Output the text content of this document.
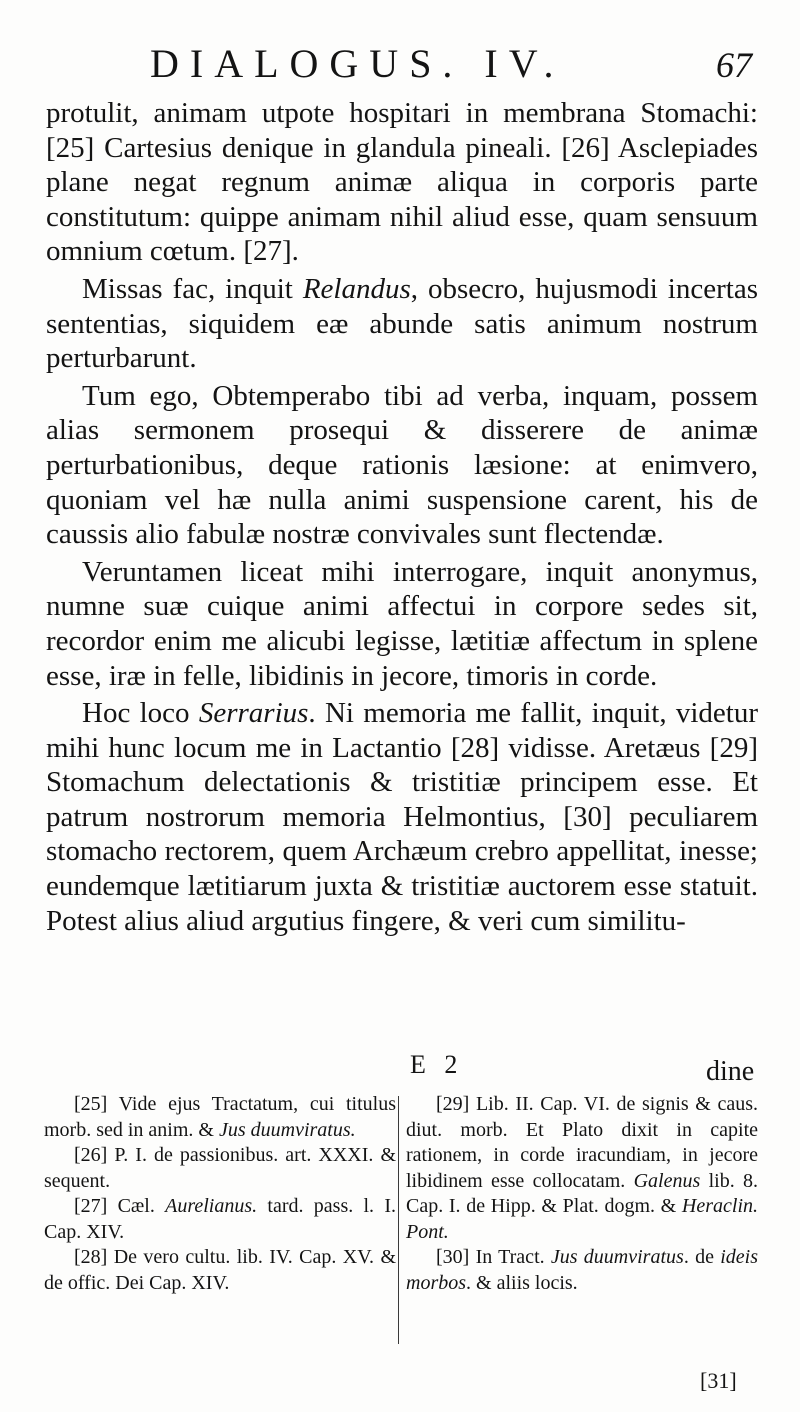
DIALOGUS. IV.	67

protulit, animam utpote hospitari in membrana Stomachi: [25] Cartesius denique in glandula pineali. [26] Asclepiades plane negat regnum animæ aliqua in corporis parte constitutum: quippe animam nihil aliud esse, quam sensuum omnium cœtum. [27].

Missas fac, inquit Relandus, obsecro, hujusmodi incertas sententias, siquidem eæ abunde satis animum nostrum perturbarunt.

Tum ego, Obtemperabo tibi ad verba, inquam, possem alias sermonem prosequi & disserere de animæ perturbationibus, deque rationis læsione: at enimvero, quoniam vel hæ nulla animi suspensione carent, his de caussis alio fabulæ nostræ convivales sunt flectendæ.

Veruntamen liceat mihi interrogare, inquit anonymus, numne suæ cuique animi affectui in corpore sedes sit, recordor enim me alicubi legisse, lætitiæ affectum in splene esse, iræ in felle, libidinis in jecore, timoris in corde.

Hoc loco Serrarius. Ni memoria me fallit, inquit, videtur mihi hunc locum me in Lactantio [28] vidisse. Aretæus [29] Stomachum delectationis & tristitiæ principem esse. Et patrum nostrorum memoria Helmontius, [30] peculiarem stomacho rectorem, quem Archæum crebro appellitat, inesse; eundemque lætitiarum juxta & tristitiæ auctorem esse statuit. Potest alius aliud argutius fingere, & veri cum similitu-

E 2	dine

[25] Vide ejus Tractatum, cui titulus morb. sed in anim. & Jus duumviratus.

[26] P. I. de passionibus. art. XXXI. & sequent.

[27] Cæl. Aurelianus. tard. pass. l. I. Cap. XIV.

[28] De vero cultu. lib. IV. Cap. XV. & de offic. Dei Cap. XIV.

[29] Lib. II. Cap. VI. de signis & caus. diut. morb. Et Plato dixit in capite rationem, in corde iracundiam, in jecore libidinem esse collocatam. Galenus lib. 8. Cap. I. de Hipp. & Plat. dogm. & Heraclin. Pont.

[30] In Tract. Jus duumviratus. de ideis morbos. & aliis locis.

[31]
